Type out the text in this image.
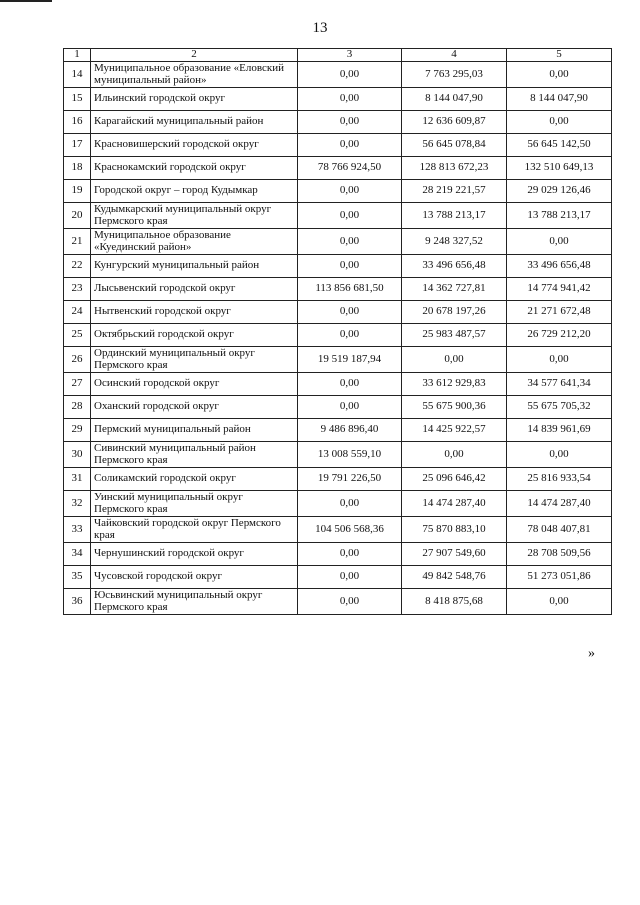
13
1	2	3	4	5
14	Муниципальное образование «Еловский муниципальный район»	0,00	7 763 295,03	0,00
15	Ильинский городской округ	0,00	8 144 047,90	8 144 047,90
16	Карагайский муниципальный район	0,00	12 636 609,87	0,00
17	Красновишерский городской округ	0,00	56 645 078,84	56 645 142,50
18	Краснокамский городской округ	78 766 924,50	128 813 672,23	132 510 649,13
19	Городской округ – город Кудымкар	0,00	28 219 221,57	29 029 126,46
20	Кудымкарский муниципальный округ Пермского края	0,00	13 788 213,17	13 788 213,17
21	Муниципальное образование «Куединский район»	0,00	9 248 327,52	0,00
22	Кунгурский муниципальный район	0,00	33 496 656,48	33 496 656,48
23	Лысьвенский городской округ	113 856 681,50	14 362 727,81	14 774 941,42
24	Нытвенский городской округ	0,00	20 678 197,26	21 271 672,48
25	Октябрьский городской округ	0,00	25 983 487,57	26 729 212,20
26	Ординский муниципальный округ Пермского края	19 519 187,94	0,00	0,00
27	Осинский городской округ	0,00	33 612 929,83	34 577 641,34
28	Оханский городской округ	0,00	55 675 900,36	55 675 705,32
29	Пермский муниципальный район	9 486 896,40	14 425 922,57	14 839 961,69
30	Сивинский муниципальный район Пермского края	13 008 559,10	0,00	0,00
31	Соликамский городской округ	19 791 226,50	25 096 646,42	25 816 933,54
32	Уинский муниципальный округ Пермского края	0,00	14 474 287,40	14 474 287,40
33	Чайковский городской округ Пермского края	104 506 568,36	75 870 883,10	78 048 407,81
34	Чернушинский городской округ	0,00	27 907 549,60	28 708 509,56
35	Чусовской городской округ	0,00	49 842 548,76	51 273 051,86
36	Юсьвинский муниципальный округ Пермского края	0,00	8 418 875,68	0,00
»
